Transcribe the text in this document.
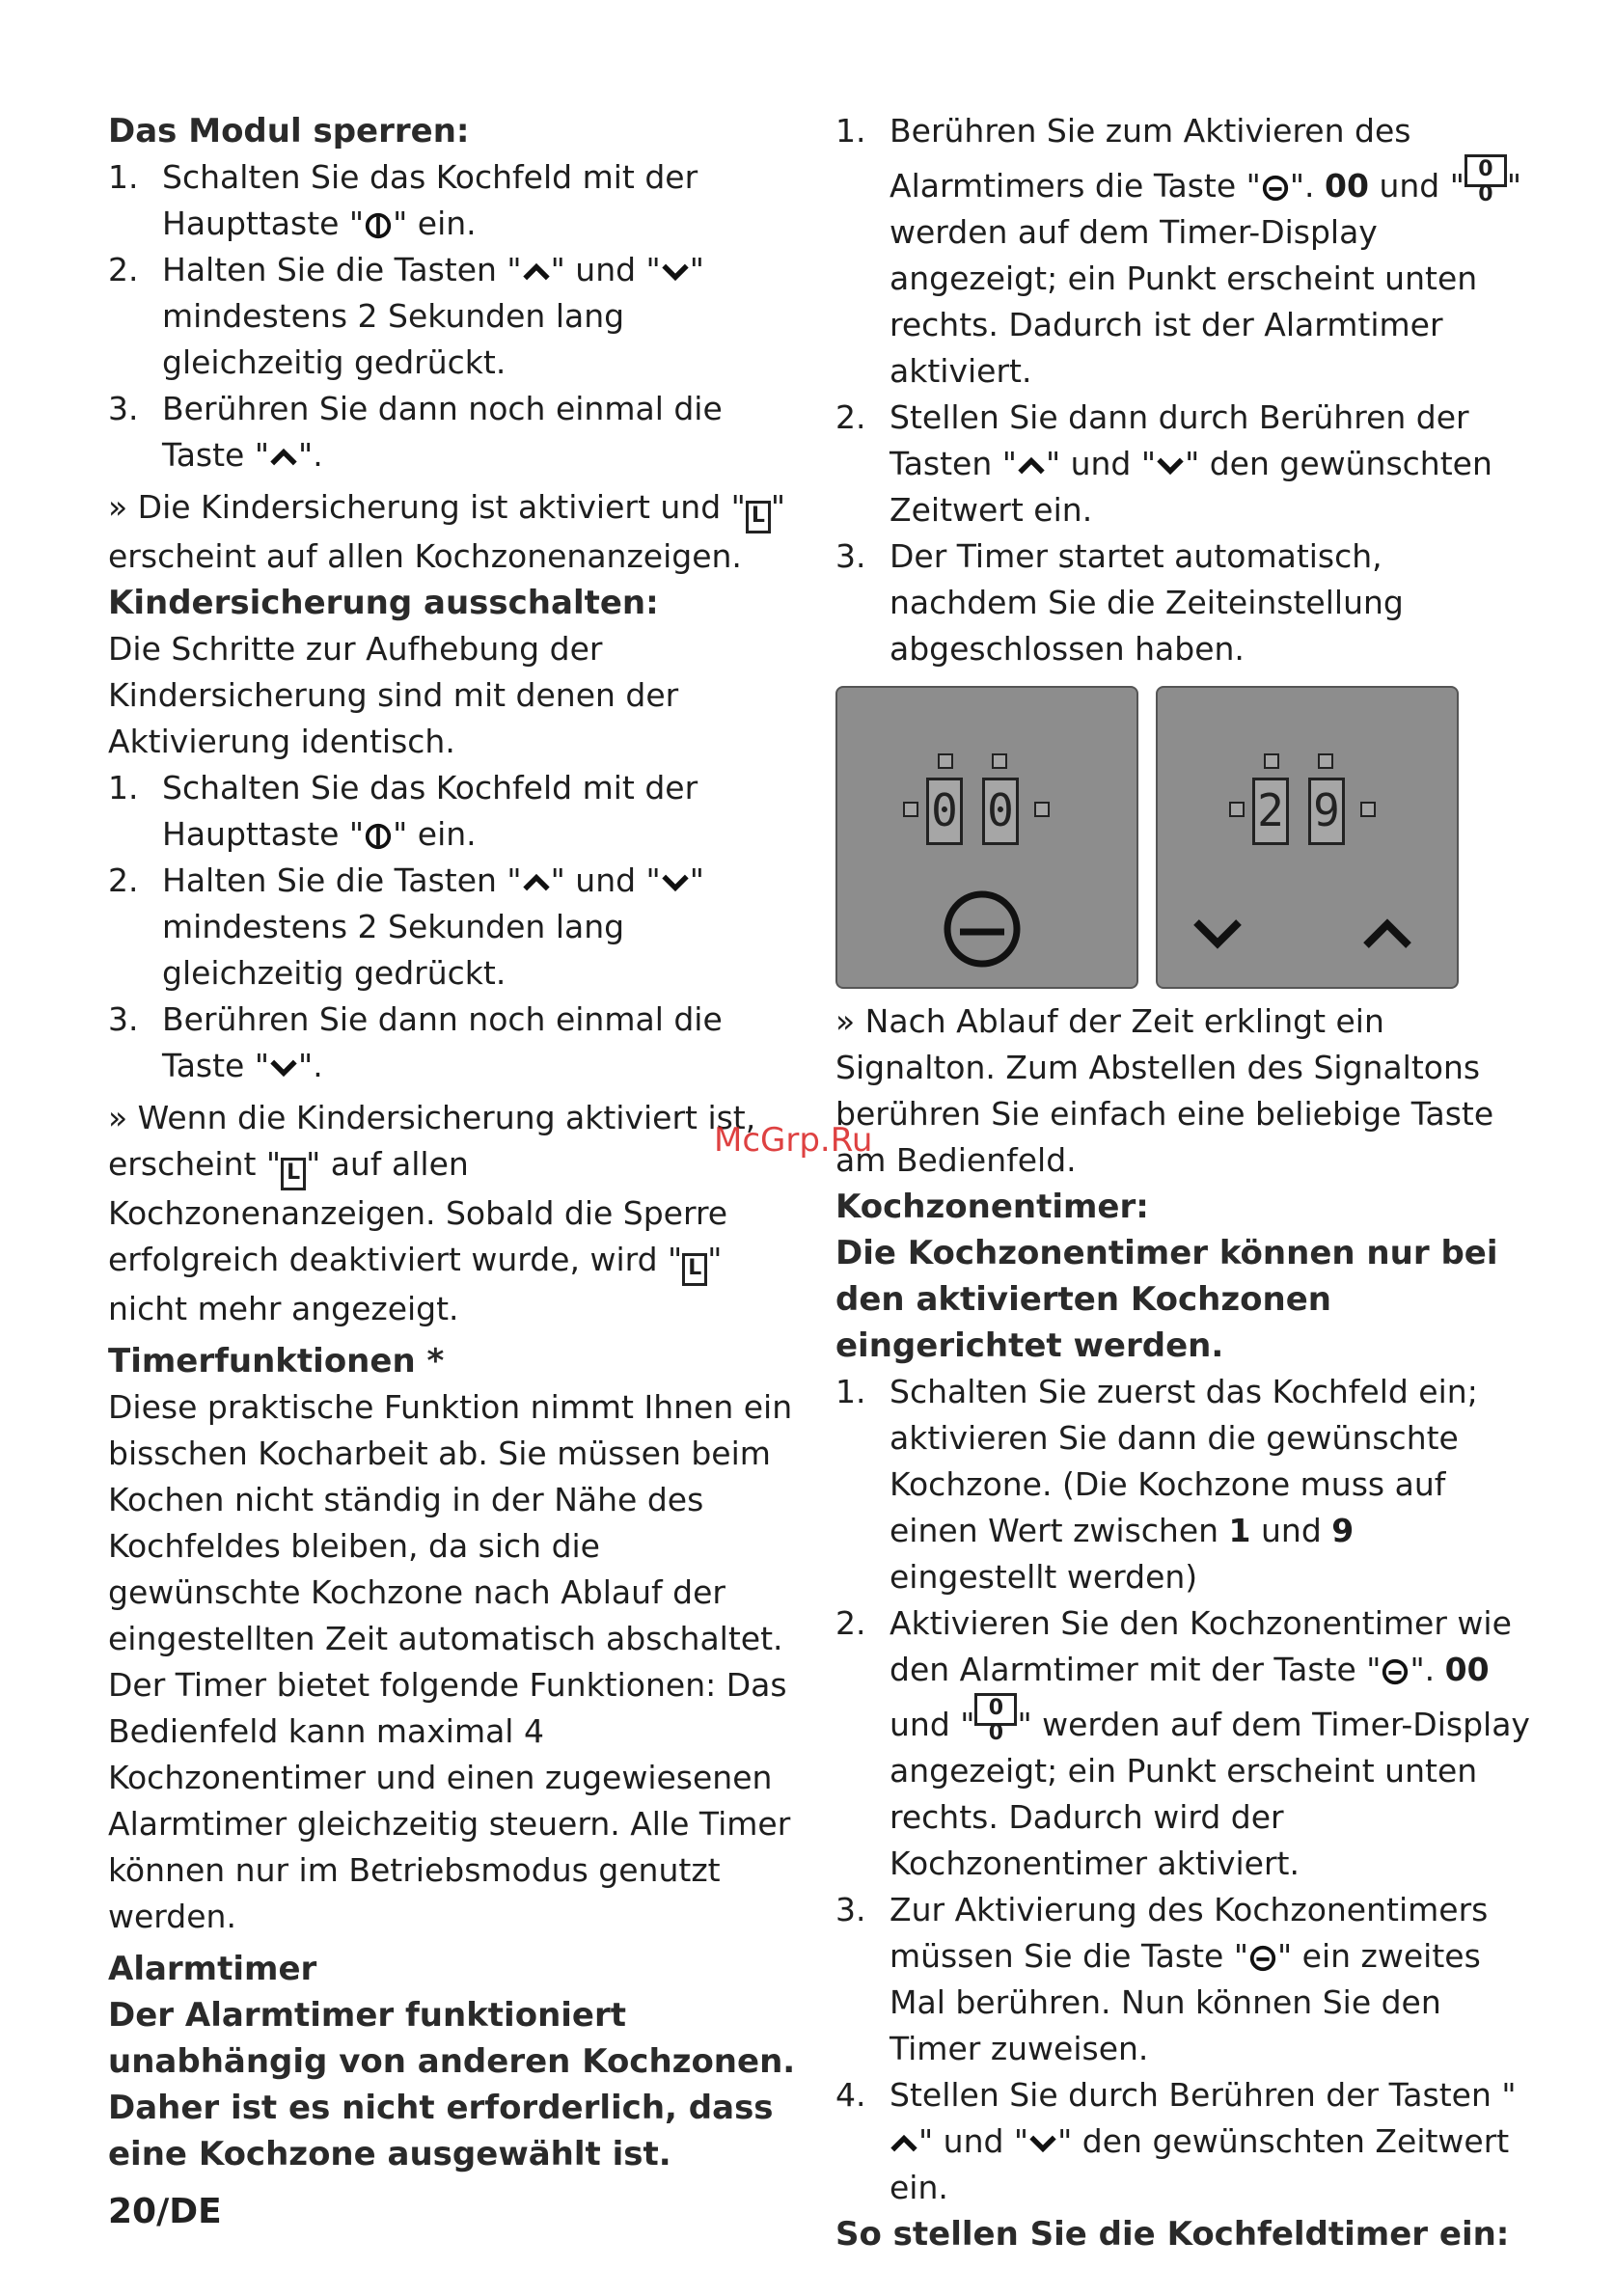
Das Modul sperren:

1. Schalten Sie das Kochfeld mit der Haupttaste " " ein.
2. Halten Sie die Tasten " " und " " mindestens 2 Sekunden lang gleichzeitig gedrückt.
3. Berühren Sie dann noch einmal die Taste " ".

» Die Kindersicherung ist aktiviert und " L " erscheint auf allen Kochzonenanzeigen.

Kindersicherung ausschalten:

Die Schritte zur Aufhebung der Kindersicherung sind mit denen der Aktivierung identisch.

1. Schalten Sie das Kochfeld mit der Haupttaste " " ein.
2. Halten Sie die Tasten " " und " " mindestens 2 Sekunden lang gleichzeitig gedrückt.
3. Berühren Sie dann noch einmal die Taste " ".

» Wenn die Kindersicherung aktiviert ist, erscheint " L " auf allen Kochzonenanzeigen. Sobald die Sperre erfolgreich deaktiviert wurde, wird " L " nicht mehr angezeigt.

Timerfunktionen *

Diese praktische Funktion nimmt Ihnen ein bisschen Kocharbeit ab. Sie müssen beim Kochen nicht ständig in der Nähe des Kochfeldes bleiben, da sich die gewünschte Kochzone nach Ablauf der eingestellten Zeit automatisch abschaltet.

Der Timer bietet folgende Funktionen: Das Bedienfeld kann maximal 4 Kochzonentimer und einen zugewiesenen Alarmtimer gleichzeitig steuern. Alle Timer können nur im Betriebsmodus genutzt werden.

Alarmtimer

Der Alarmtimer funktioniert unabhängig von anderen Kochzonen. Daher ist es nicht erforderlich, dass eine Kochzone ausgewählt ist.

1. Berühren Sie zum Aktivieren des Alarmtimers die Taste " ". 00 und " 0 0 " werden auf dem Timer-Display angezeigt; ein Punkt erscheint unten rechts. Dadurch ist der Alarmtimer aktiviert.
2. Stellen Sie dann durch Berühren der Tasten " " und " " den gewünschten Zeitwert ein.
3. Der Timer startet automatisch, nachdem Sie die Zeiteinstellung abgeschlossen haben.
0 0	2 9

» Nach Ablauf der Zeit erklingt ein Signalton. Zum Abstellen des Signaltons berühren Sie einfach eine beliebige Taste am Bedienfeld.

Kochzonentimer:

Die Kochzonentimer können nur bei den aktivierten Kochzonen eingerichtet werden.

1. Schalten Sie zuerst das Kochfeld ein; aktivieren Sie dann die gewünschte Kochzone. (Die Kochzone muss auf einen Wert zwischen 1 und 9 eingestellt werden)
2. Aktivieren Sie den Kochzonentimer wie den Alarmtimer mit der Taste " ". 00 und " 0 0 " werden auf dem Timer-Display angezeigt; ein Punkt erscheint unten rechts. Dadurch wird der Kochzonentimer aktiviert.
3. Zur Aktivierung des Kochzonentimers müssen Sie die Taste " " ein zweites Mal berühren. Nun können Sie den Timer zuweisen.
4. Stellen Sie durch Berühren der Tasten "" und " " den gewünschten Zeitwert ein.

So stellen Sie die Kochfeldtimer ein:

McGrp.Ru
20/DE
